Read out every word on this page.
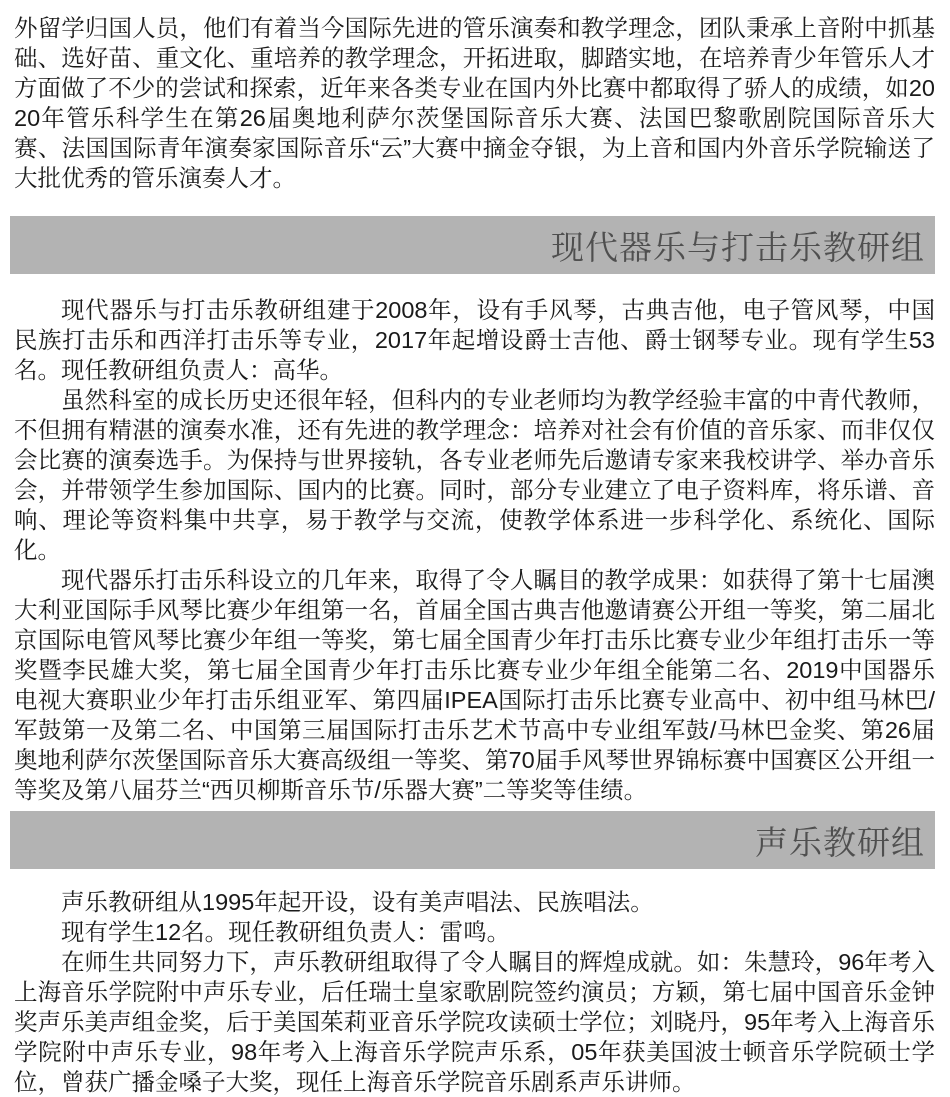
外留学归国人员，他们有着当今国际先进的管乐演奏和教学理念，团队秉承上音附中抓基础、选好苗、重文化、重培养的教学理念，开拓进取，脚踏实地，在培养青少年管乐人才方面做了不少的尝试和探索，近年来各类专业在国内外比赛中都取得了骄人的成绩，如2020年管乐科学生在第26届奥地利萨尔茨堡国际音乐大赛、法国巴黎歌剧院国际音乐大赛、法国国际青年演奏家国际音乐“云”大赛中摘金夺银，为上音和国内外音乐学院输送了大批优秀的管乐演奏人才。

现代器乐与打击乐教研组

现代器乐与打击乐教研组建于2008年，设有手风琴，古典吉他，电子管风琴，中国民族打击乐和西洋打击乐等专业，2017年起增设爵士吉他、爵士钢琴专业。现有学生53名。现任教研组负责人：高华。

虽然科室的成长历史还很年轻，但科内的专业老师均为教学经验丰富的中青代教师，不但拥有精湛的演奏水准，还有先进的教学理念：培养对社会有价值的音乐家、而非仅仅会比赛的演奏选手。为保持与世界接轨，各专业老师先后邀请专家来我校讲学、举办音乐会，并带领学生参加国际、国内的比赛。同时，部分专业建立了电子资料库，将乐谱、音响、理论等资料集中共享，易于教学与交流，使教学体系进一步科学化、系统化、国际化。

现代器乐打击乐科设立的几年来，取得了令人瞩目的教学成果：如获得了第十七届澳大利亚国际手风琴比赛少年组第一名，首届全国古典吉他邀请赛公开组一等奖，第二届北京国际电管风琴比赛少年组一等奖，第七届全国青少年打击乐比赛专业少年组打击乐一等奖暨李民雄大奖，第七届全国青少年打击乐比赛专业少年组全能第二名、2019中国器乐电视大赛职业少年打击乐组亚军、第四届IPEA国际打击乐比赛专业高中、初中组马林巴/军鼓第一及第二名、中国第三届国际打击乐艺术节高中专业组军鼓/马林巴金奖、第26届奥地利萨尔茨堡国际音乐大赛高级组一等奖、第70届手风琴世界锦标赛中国赛区公开组一等奖及第八届芬兰“西贝柳斯音乐节/乐器大赛”二等奖等佳绩。

声乐教研组

声乐教研组从1995年起开设，设有美声唱法、民族唱法。

现有学生12名。现任教研组负责人：雷鸣。

在师生共同努力下，声乐教研组取得了令人瞩目的辉煌成就。如：朱慧玲，96年考入上海音乐学院附中声乐专业，后任瑞士皇家歌剧院签约演员；方颖，第七届中国音乐金钟奖声乐美声组金奖，后于美国茱莉亚音乐学院攻读硕士学位；刘晓丹，95年考入上海音乐学院附中声乐专业，98年考入上海音乐学院声乐系，05年获美国波士顿音乐学院硕士学位，曾获广播金嗓子大奖，现任上海音乐学院音乐剧系声乐讲师。
